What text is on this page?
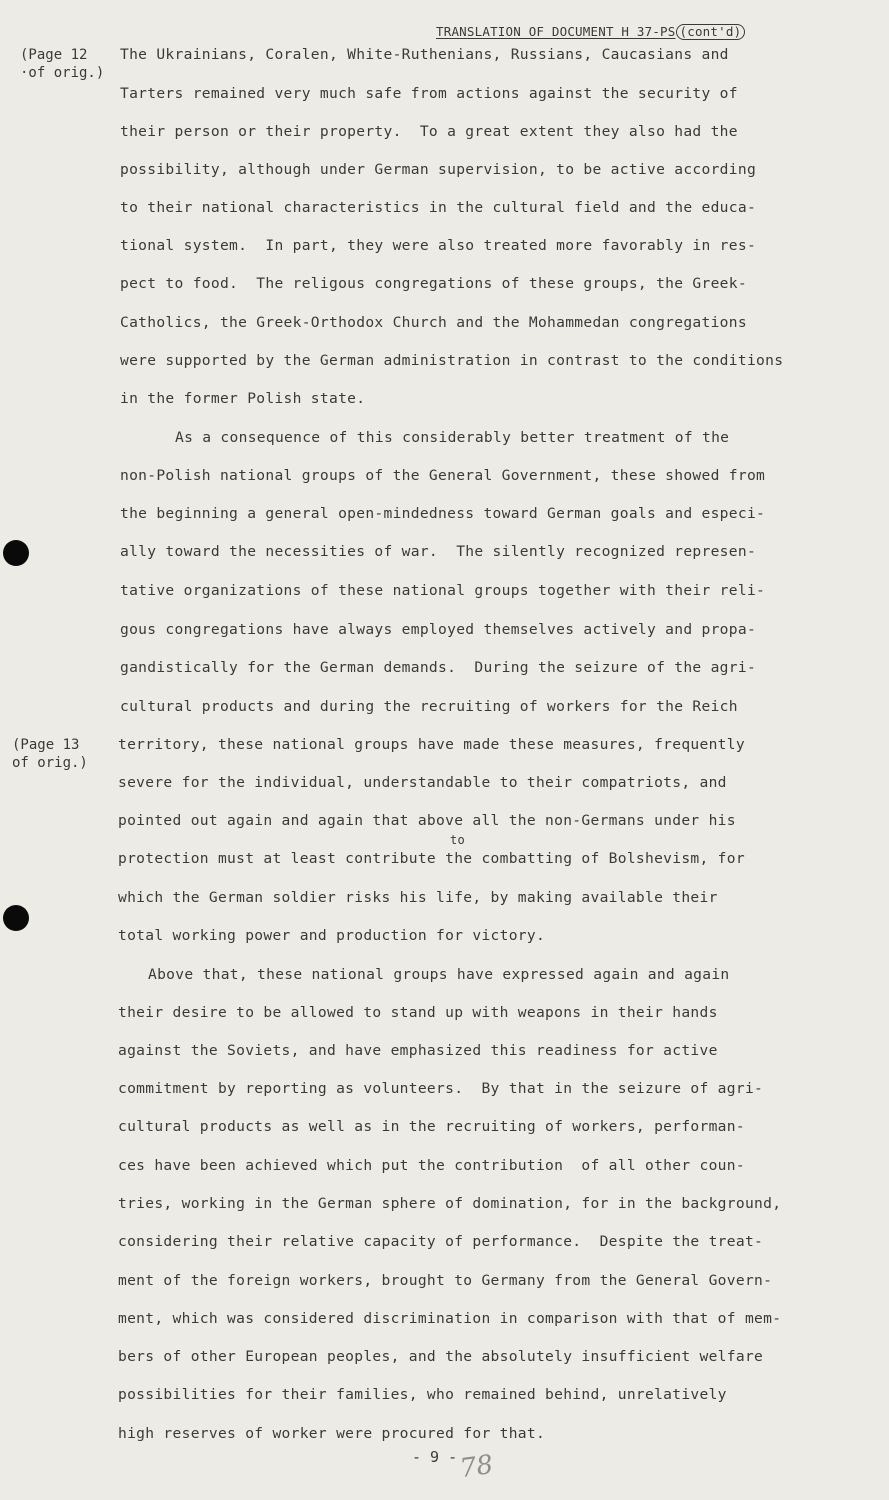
TRANSLATION OF DOCUMENT H 37-PS (cont'd)
(Page 12
·of orig.)
(Page 13
of orig.)
The Ukrainians, Coralen, White-Ruthenians, Russians, Caucasians and
Tarters remained very much safe from actions against the security of
their person or their property.  To a great extent they also had the
possibility, although under German supervision, to be active according
to their national characteristics in the cultural field and the educa-
tional system.  In part, they were also treated more favorably in res-
pect to food.  The religous congregations of these groups, the Greek-
Catholics, the Greek-Orthodox Church and the Mohammedan congregations
were supported by the German administration in contrast to the conditions
in the former Polish state.
As a consequence of this considerably better treatment of the
non-Polish national groups of the General Government, these showed from
the beginning a general open-mindedness toward German goals and especi-
ally toward the necessities of war.  The silently recognized represen-
tative organizations of these national groups together with their reli-
gous congregations have always employed themselves actively and propa-
gandistically for the German demands.  During the seizure of the agri-
cultural products and during the recruiting of workers for the Reich
territory, these national groups have made these measures, frequently
severe for the individual, understandable to their compatriots, and
pointed out again and again that above all the non-Germans under his
to
protection must at least contribute the combatting of Bolshevism, for
which the German soldier risks his life, by making available their
total working power and production for victory.
Above that, these national groups have expressed again and again
their desire to be allowed to stand up with weapons in their hands
against the Soviets, and have emphasized this readiness for active
commitment by reporting as volunteers.  By that in the seizure of agri-
cultural products as well as in the recruiting of workers, performan-
ces have been achieved which put the contribution  of all other coun-
tries, working in the German sphere of domination, for in the background,
considering their relative capacity of performance.  Despite the treat-
ment of the foreign workers, brought to Germany from the General Govern-
ment, which was considered discrimination in comparison with that of mem-
bers of other European peoples, and the absolutely insufficient welfare
possibilities for their families, who remained behind, unrelatively
high reserves of worker were procured for that.
- 9 - 78
